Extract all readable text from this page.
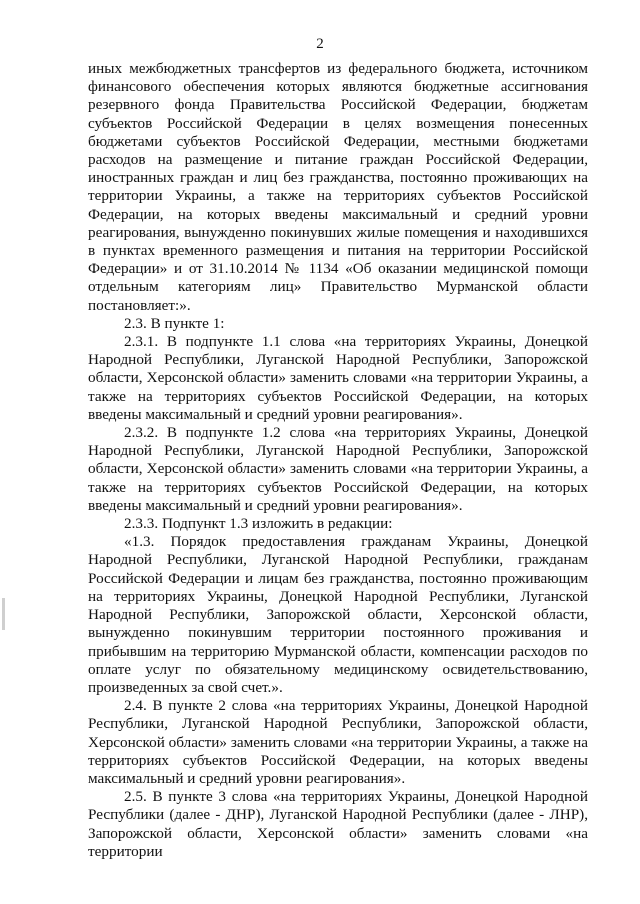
2

иных межбюджетных трансфертов из федерального бюджета, источником финансового обеспечения которых являются бюджетные ассигнования резервного фонда Правительства Российской Федерации, бюджетам субъектов Российской Федерации в целях возмещения понесенных бюджетами субъектов Российской Федерации, местными бюджетами расходов на размещение и питание граждан Российской Федерации, иностранных граждан и лиц без гражданства, постоянно проживающих на территории Украины, а также на территориях субъектов Российской Федерации, на которых введены максимальный и средний уровни реагирования, вынужденно покинувших жилые помещения и находившихся в пунктах временного размещения и питания на территории Российской Федерации» и от 31.10.2014 № 1134 «Об оказании медицинской помощи отдельным категориям лиц» Правительство Мурманской области постановляет:».

2.3. В пункте 1:

2.3.1. В подпункте 1.1 слова «на территориях Украины, Донецкой Народной Республики, Луганской Народной Республики, Запорожской области, Херсонской области» заменить словами «на территории Украины, а также на территориях субъектов Российской Федерации, на которых введены максимальный и средний уровни реагирования».

2.3.2. В подпункте 1.2 слова «на территориях Украины, Донецкой Народной Республики, Луганской Народной Республики, Запорожской области, Херсонской области» заменить словами «на территории Украины, а также на территориях субъектов Российской Федерации, на которых введены максимальный и средний уровни реагирования».

2.3.3. Подпункт 1.3 изложить в редакции:

«1.3. Порядок предоставления гражданам Украины, Донецкой Народной Республики, Луганской Народной Республики, гражданам Российской Федерации и лицам без гражданства, постоянно проживающим на территориях Украины, Донецкой Народной Республики, Луганской Народной Республики, Запорожской области, Херсонской области, вынужденно покинувшим территории постоянного проживания и прибывшим на территорию Мурманской области, компенсации расходов по оплате услуг по обязательному медицинскому освидетельствованию, произведенных за свой счет.».

2.4. В пункте 2 слова «на территориях Украины, Донецкой Народной Республики, Луганской Народной Республики, Запорожской области, Херсонской области» заменить словами «на территории Украины, а также на территориях субъектов Российской Федерации, на которых введены максимальный и средний уровни реагирования».

2.5. В пункте 3 слова «на территориях Украины, Донецкой Народной Республики (далее - ДНР), Луганской Народной Республики (далее - ЛНР), Запорожской области, Херсонской области» заменить словами «на территории
